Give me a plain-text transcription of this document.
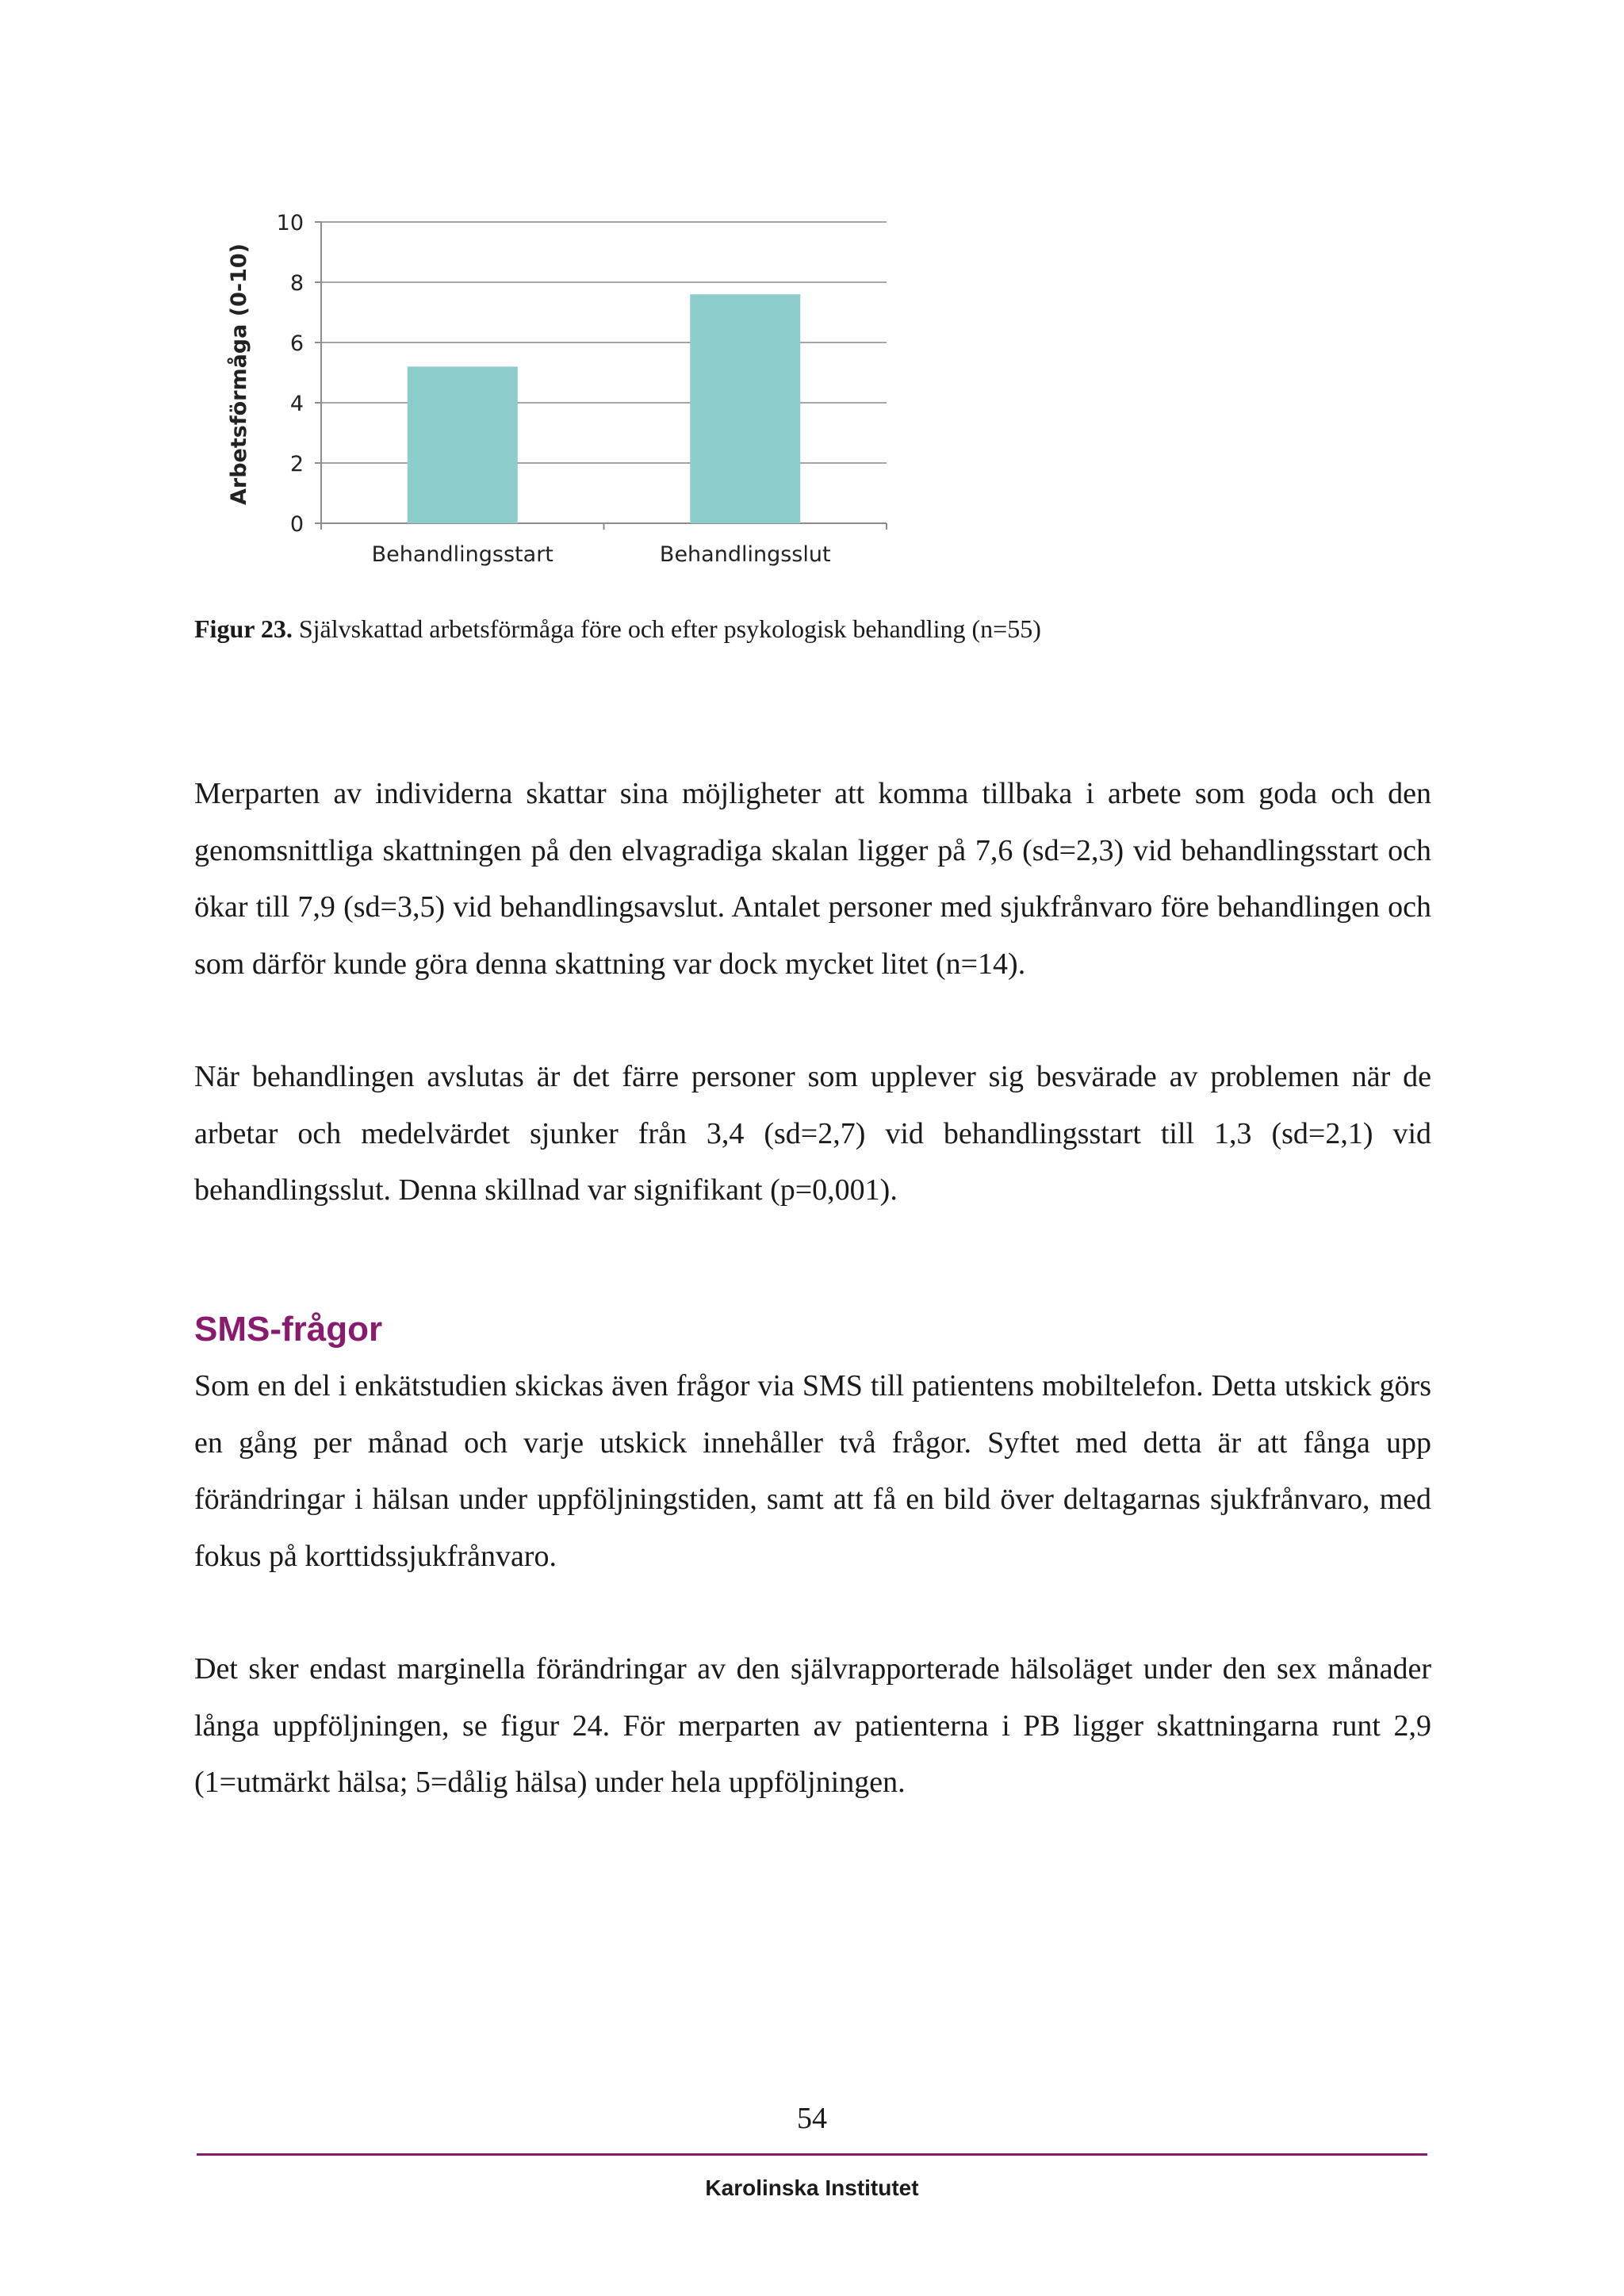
0
2
4
6
8
10
Behandlingsstart	Behandlingsslut
Arbetsförmåga (0-10)
Figur 23. Självskattad arbetsförmåga före och efter psykologisk behandling (n=55)

Merparten av individerna skattar sina möjligheter att komma tillbaka i arbete som goda och den genomsnittliga skattningen på den elvagradiga skalan ligger på 7,6 (sd=2,3) vid behandlingsstart och ökar till 7,9 (sd=3,5) vid behandlingsavslut. Antalet personer med sjukfrånvaro före behandlingen och som därför kunde göra denna skattning var dock mycket litet (n=14).

När behandlingen avslutas är det färre personer som upplever sig besvärade av problemen när de arbetar och medelvärdet sjunker från 3,4 (sd=2,7) vid behandlingsstart till 1,3 (sd=2,1) vid behandlingsslut. Denna skillnad var signifikant (p=0,001).

SMS-frågor

Som en del i enkätstudien skickas även frågor via SMS till patientens mobiltelefon. Detta utskick görs en gång per månad och varje utskick innehåller två frågor. Syftet med detta är att fånga upp förändringar i hälsan under uppföljningstiden, samt att få en bild över deltagarnas sjukfrånvaro, med fokus på korttidssjukfrånvaro.

Det sker endast marginella förändringar av den självrapporterade hälsoläget under den sex månader långa uppföljningen, se figur 24. För merparten av patienterna i PB ligger skattningarna runt 2,9 (1=utmärkt hälsa; 5=dålig hälsa) under hela uppföljningen.

54
Karolinska Institutet
